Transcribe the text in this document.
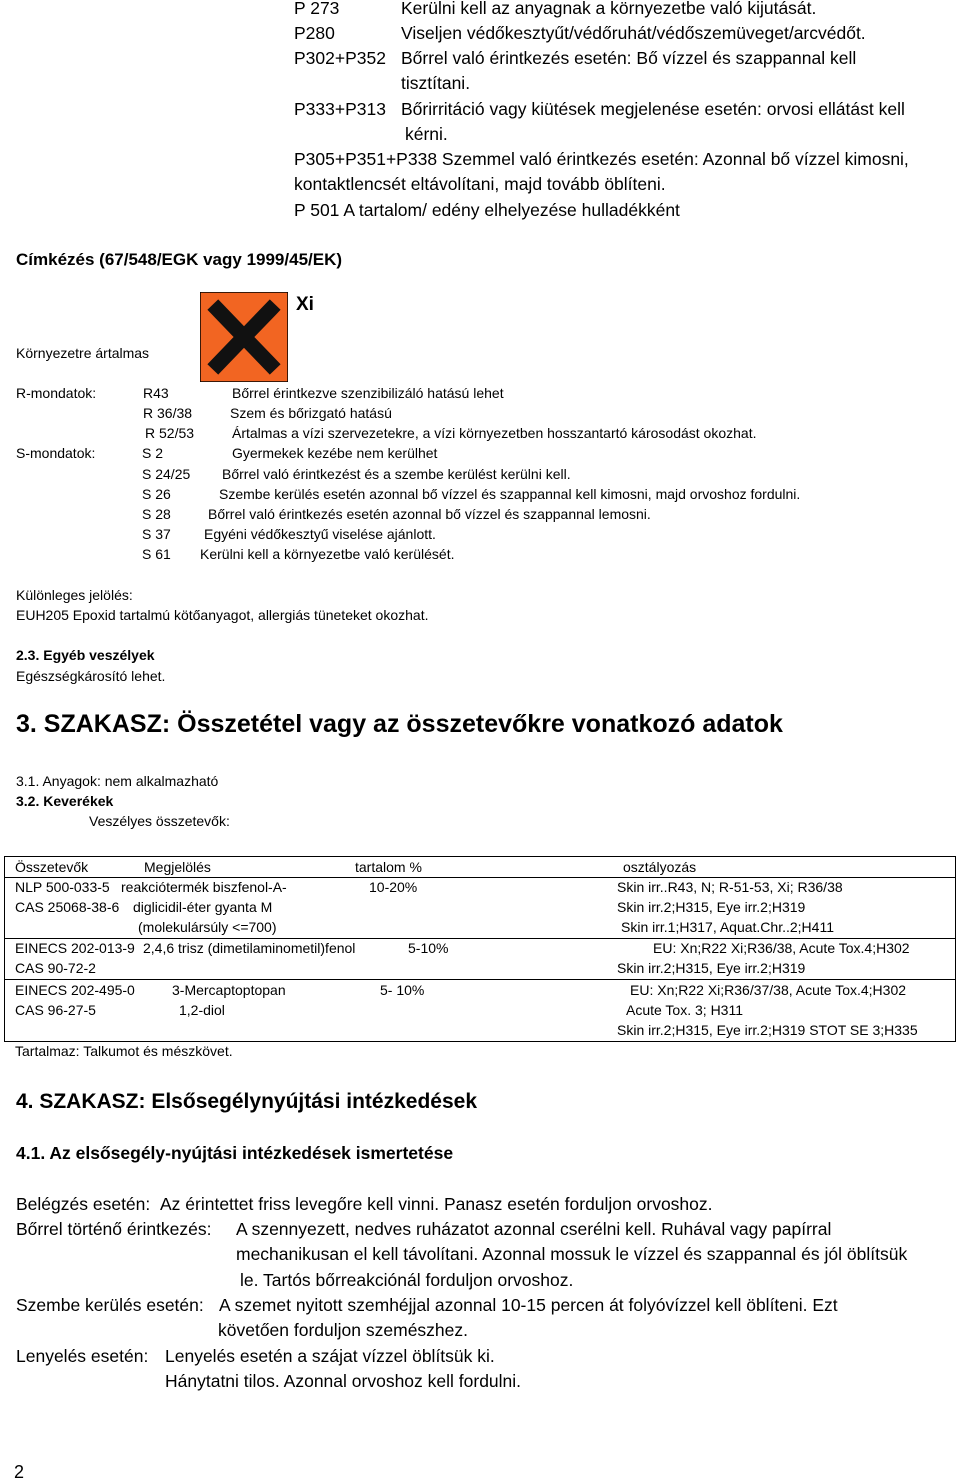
P 273	Kerülni kell az anyagnak a környezetbe való kijutását.
P280	Viseljen védőkesztyűt/védőruhát/védőszemüveget/arcvédőt.
P302+P352 Bőrrel való érintkezés esetén: Bő vízzel és szappannal kell
tisztítani.
P333+P313 Bőrirritáció vagy kiütések megjelenése esetén: orvosi ellátást kell
kérni.
P305+P351+P338 Szemmel való érintkezés esetén: Azonnal bő vízzel kimosni,
kontaktlencsét eltávolítani, majd tovább öblíteni.
P 501 A tartalom/ edény elhelyezése hulladékként
Címkézés (67/548/EGK vagy 1999/45/EK)
Xi
Környezetre ártalmas
R-mondatok:	R43	Bőrrel érintkezve szenzibilizáló hatású lehet
R 36/38	Szem és bőrizgató hatású
R 52/53	Ártalmas a vízi szervezetekre, a vízi környezetben hosszantartó károsodást okozhat.
S-mondatok:	S 2	Gyermekek kezébe nem kerülhet
S 24/25 Bőrrel való érintkezést és a szembe kerülést kerülni kell.
S 26	Szembe kerülés esetén azonnal bő vízzel és szappannal kell kimosni, majd orvoshoz fordulni.
S 28	Bőrrel való érintkezés esetén azonnal bő vízzel és szappannal lemosni.
S 37 Egyéni védőkesztyű viselése ajánlott.
S 61 Kerülni kell a környezetbe való kerülését.
Különleges jelölés:
EUH205 Epoxid tartalmú kötőanyagot, allergiás tüneteket okozhat.
2.3. Egyéb veszélyek
Egészségkárosító lehet.
3. SZAKASZ: Összetétel vagy az összetevőkre vonatkozó adatok
3.1. Anyagok: nem alkalmazható
3.2. Keverékek
Veszélyes összetevők:
Összetevők	Megjelölés	tartalom %	osztályozás
NLP 500-033-5 reakciótermék biszfenol-A-	10-20%	Skin irr..R43, N; R-51-53, Xi; R36/38
CAS 25068-38-6 diglicidil-éter gyanta M	Skin irr.2;H315, Eye irr.2;H319
(molekulársúly <=700)	Skin irr.1;H317, Aquat.Chr..2;H411
EINECS 202-013-9 2,4,6 trisz (dimetilaminometil)fenol	5-10%	EU: Xn;R22 Xi;R36/38, Acute Tox.4;H302
CAS 90-72-2	Skin irr.2;H315, Eye irr.2;H319
EINECS 202-495-0	3-Mercaptoptopan	5- 10%	EU: Xn;R22 Xi;R36/37/38, Acute Tox.4;H302
CAS 96-27-5	1,2-diol	Acute Tox. 3; H311
Skin irr.2;H315, Eye irr.2;H319 STOT SE 3;H335
Tartalmaz: Talkumot és mészkövet.
4. SZAKASZ: Elsősegélynyújtási intézkedések
4.1. Az elsősegély-nyújtási intézkedések ismertetése
Belégzés esetén: Az érintettet friss levegőre kell vinni. Panasz esetén forduljon orvoshoz.
Bőrrel történő érintkezés: A szennyezett, nedves ruházatot azonnal cserélni kell. Ruhával vagy papírral
mechanikusan el kell távolítani. Azonnal mossuk le vízzel és szappannal és jól öblítsük
le. Tartós bőrreakciónál forduljon orvoshoz.
Szembe kerülés esetén: A szemet nyitott szemhéjjal azonnal 10-15 percen át folyóvízzel kell öblíteni. Ezt
követően forduljon szemészhez.
Lenyelés esetén: Lenyelés esetén a szájat vízzel öblítsük ki.
Hánytatni tilos. Azonnal orvoshoz kell fordulni.
2
